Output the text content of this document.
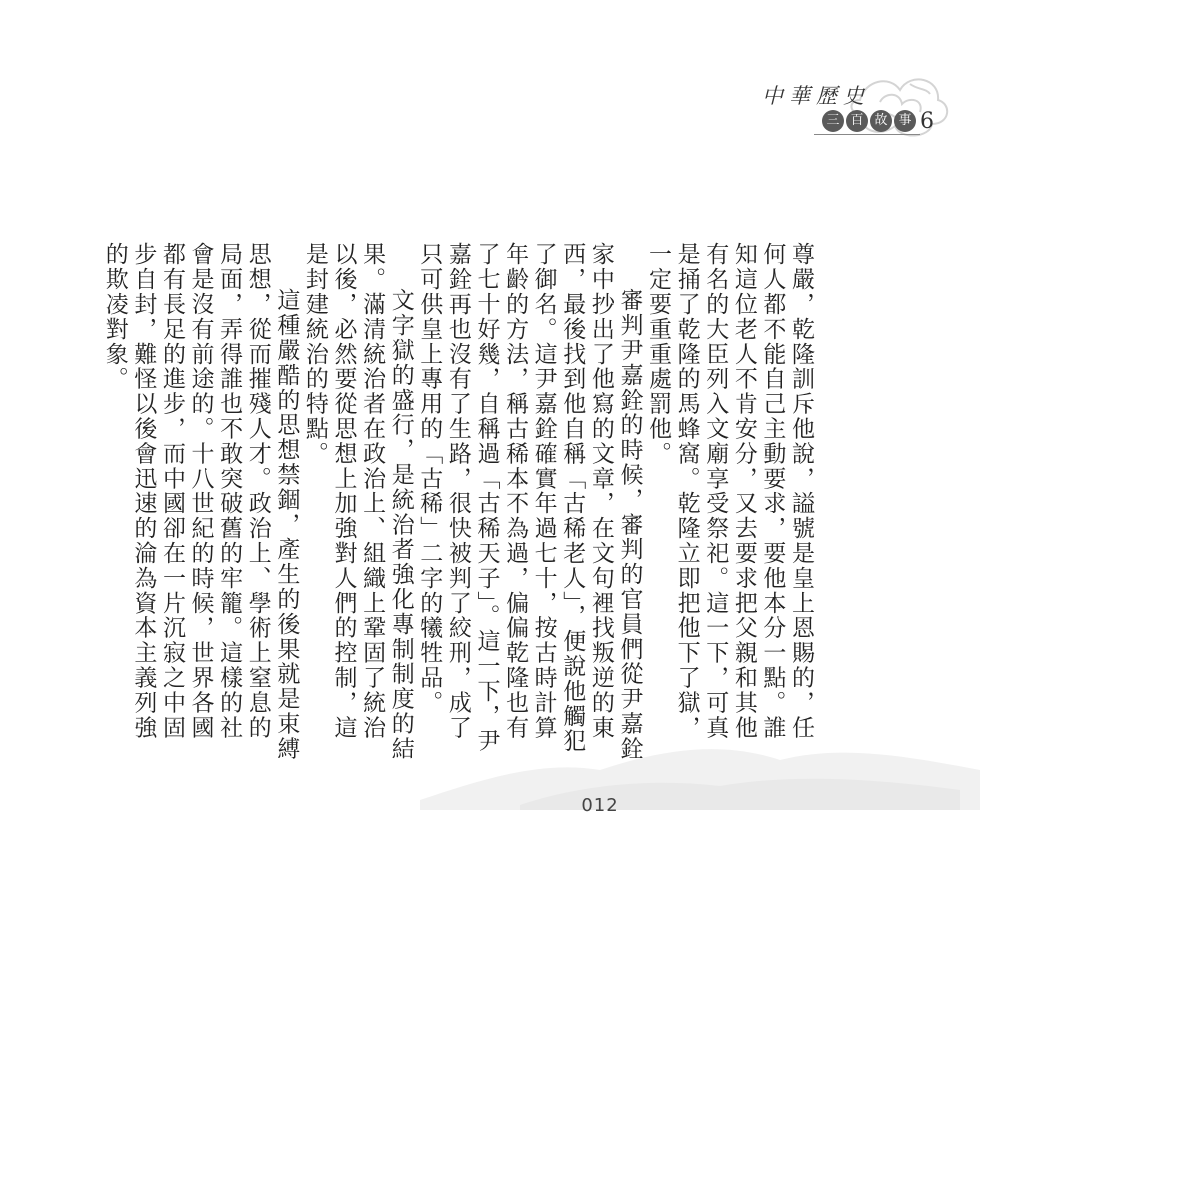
中華歷史
三 百 故 事 6

尊嚴，乾隆訓斥他說，謚號是皇上恩賜的，任何人都不能自己主動要求，要他本分一點。誰知這位老人不肯安分，又去要求把父親和其他有名的大臣列入文廟享受祭祀。這一下，可真是捅了乾隆的馬蜂窩。乾隆立即把他下了獄，一定要重重處罰他。

審判尹嘉銓的時候，審判的官員們從尹嘉銓家中抄出了他寫的文章，在文句裡找叛逆的東西，最後找到他自稱「古稀老人」，便說他觸犯了御名。這尹嘉銓確實年過七十，按古時計算年齡的方法，稱古稀本不為過，偏偏乾隆也有了七十好幾，自稱過「古稀天子」。這一下，尹嘉銓再也沒有了生路，很快被判了絞刑，成了只可供皇上專用的「古稀」二字的犧牲品。

文字獄的盛行，是統治者強化專制制度的結果。滿清統治者在政治上、組織上鞏固了統治以後，必然要從思想上加強對人們的控制，這是封建統治的特點。

這種嚴酷的思想禁錮，產生的後果就是束縛思想，從而摧殘人才。政治上、學術上窒息的局面，弄得誰也不敢突破舊的牢籠。這樣的社會是沒有前途的。十八世紀的時候，世界各國都有長足的進步，而中國卻在一片沉寂之中固步自封，難怪以後會迅速的淪為資本主義列強的欺凌對象。

012
